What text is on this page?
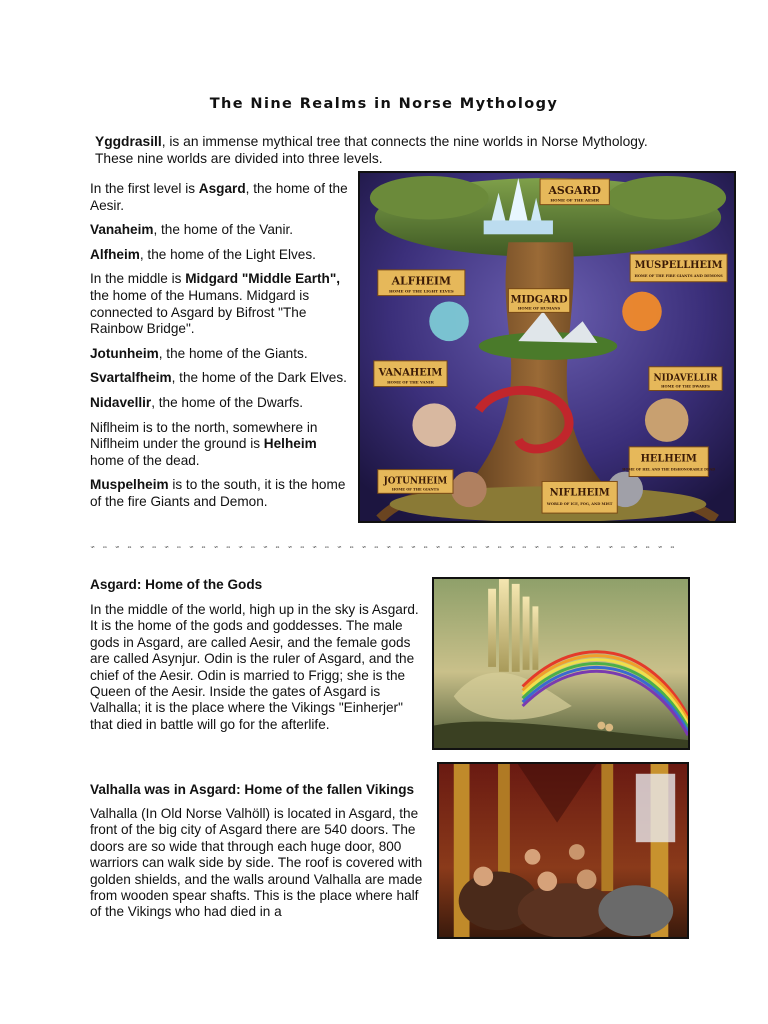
The Nine Realms in Norse Mythology
Yggdrasill, is an immense mythical tree that connects the nine worlds in Norse Mythology.
These nine worlds are divided into three levels.

In the first level is Asgard, the home of the Aesir.

Vanaheim, the home of the Vanir.

Alfheim, the home of the Light Elves.

In the middle is Midgard "Middle Earth", the home of the Humans. Midgard is connected to Asgard by Bifrost "The Rainbow Bridge".

Jotunheim, the home of the Giants.

Svartalfheim, the home of the Dark Elves.

Nidavellir, the home of the Dwarfs.

Niflheim is to the north, somewhere in Niflheim under the ground is Helheim home of the dead.

Muspelheim is to the south, it is the home of the fire Giants and Demon.

ASGARD
HOME OF THE AESIR
MUSPELLHEIM
HOME OF THE FIRE GIANTS AND DEMONS
ALFHEIM
HOME OF THE LIGHT ELVES
MIDGARD
HOME OF HUMANS
VANAHEIM
HOME OF THE VANIR	NIDAVELLIR
HOME OF THE DWARFS
HELHEIM
HOME OF HEL AND THE DISHONORABLE DEAD
JOTUNHEIM
HOME OF THE GIANTS	NIFLHEIM
WORLD OF ICE, FOG, AND MIST
ﾞ ﾟ ﾞ ﾟ ﾞ ﾟ ﾞ ﾟ ﾞ ﾟ ﾞ ﾟ ﾞ ﾟ ﾞ ﾟ ﾞ ﾟ ﾞ ﾟ ﾞ ﾟ ﾞ ﾟ ﾞ ﾟ ﾞ ﾟ ﾞ ﾟ ﾞ ﾟ ﾞ ﾟ ﾞ ﾟ ﾞ ﾟ ﾞ ﾟ ﾞ ﾟ ﾞ ﾟ ﾞ ﾟ ﾞ ﾟ
Asgard: Home of the Gods
In the middle of the world, high up in the sky is Asgard. It is the home of the gods and goddesses. The male gods in Asgard, are called Aesir, and the female gods are called Asynjur. Odin is the ruler of Asgard, and the chief of the Aesir. Odin is married to Frigg; she is the Queen of the Aesir. Inside the gates of Asgard is Valhalla; it is the place where the Vikings "Einherjer" that died in battle will go for the afterlife.
Valhalla was in Asgard: Home of the fallen Vikings
Valhalla (In Old Norse Valhöll) is located in Asgard, the front of the big city of Asgard there are 540 doors. The doors are so wide that through each huge door, 800 warriors can walk side by side. The roof is covered with golden shields, and the walls around Valhalla are made from wooden spear shafts. This is the place where half of the Vikings who had died in a
